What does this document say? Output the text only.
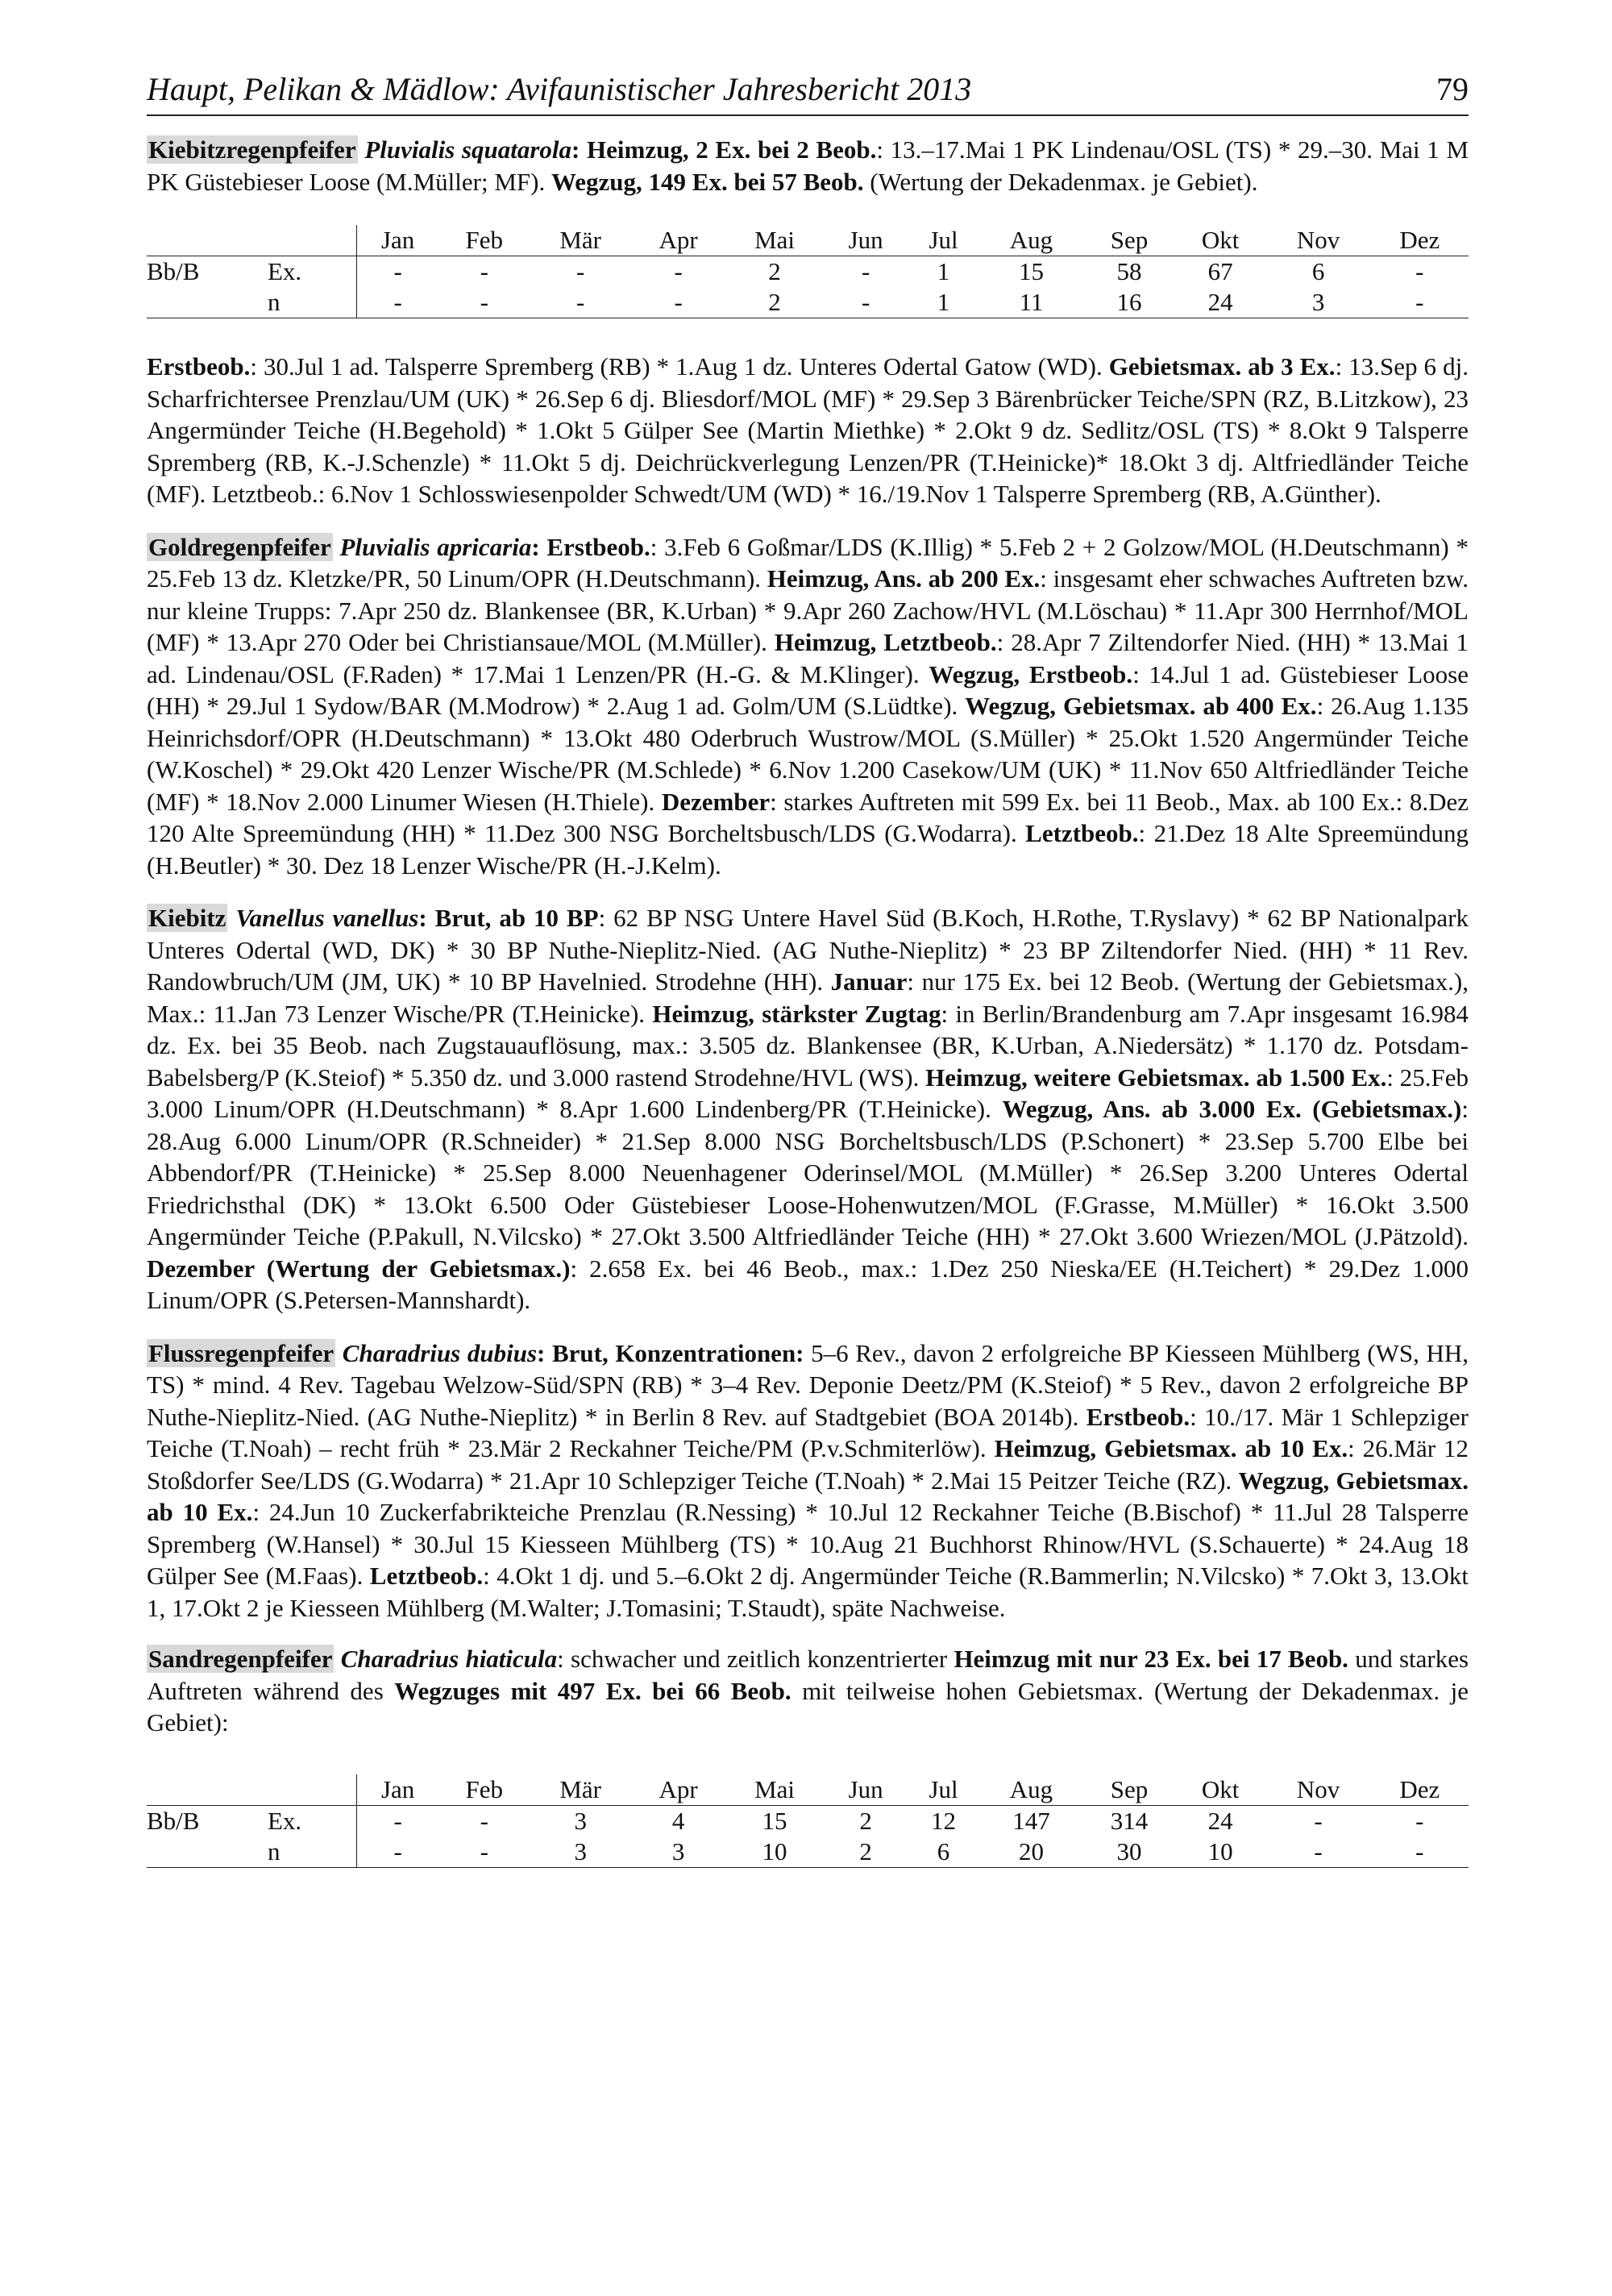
Haupt, Pelikan & Mädlow: Avifaunistischer Jahresbericht 2013	79

Kiebitzregenpfeifer Pluvialis squatarola: Heimzug, 2 Ex. bei 2 Beob.: 13.–17.Mai 1 PK Lindenau/OSL (TS) * 29.–30. Mai 1 M PK Güstebieser Loose (M.Müller; MF). Wegzug, 149 Ex. bei 57 Beob. (Wertung der Dekadenmax. je Gebiet).

		Jan	Feb	Mär	Apr	Mai	Jun	Jul	Aug	Sep	Okt	Nov	Dez
Bb/B	Ex.	-	-	-	-	2	-	1	15	58	67	6	-
	n	-	-	-	-	2	-	1	11	16	24	3	-

Erstbeob.: 30.Jul 1 ad. Talsperre Spremberg (RB) * 1.Aug 1 dz. Unteres Odertal Gatow (WD). Gebietsmax. ab 3 Ex.: 13.Sep 6 dj. Scharfrichtersee Prenzlau/UM (UK) * 26.Sep 6 dj. Bliesdorf/MOL (MF) * 29.Sep 3 Bärenbrücker Teiche/SPN (RZ, B.Litzkow), 23 Angermünder Teiche (H.Begehold) * 1.Okt 5 Gülper See (Martin Miethke) * 2.Okt 9 dz. Sedlitz/OSL (TS) * 8.Okt 9 Talsperre Spremberg (RB, K.-J.Schenzle) * 11.Okt 5 dj. Deichrückverlegung Lenzen/PR (T.Heinicke)* 18.Okt 3 dj. Altfriedländer Teiche (MF). Letztbeob.: 6.Nov 1 Schlosswiesenpolder Schwedt/UM (WD) * 16./19.Nov 1 Talsperre Spremberg (RB, A.Günther).

Goldregenpfeifer Pluvialis apricaria: Erstbeob.: 3.Feb 6 Goßmar/LDS (K.Illig) * 5.Feb 2 + 2 Golzow/MOL (H.Deutschmann) * 25.Feb 13 dz. Kletzke/PR, 50 Linum/OPR (H.Deutschmann). Heimzug, Ans. ab 200 Ex.: insgesamt eher schwaches Auftreten bzw. nur kleine Trupps: 7.Apr 250 dz. Blankensee (BR, K.Urban) * 9.Apr 260 Zachow/HVL (M.Löschau) * 11.Apr 300 Herrnhof/MOL (MF) * 13.Apr 270 Oder bei Christiansaue/MOL (M.Müller). Heimzug, Letztbeob.: 28.Apr 7 Ziltendorfer Nied. (HH) * 13.Mai 1 ad. Lindenau/OSL (F.Raden) * 17.Mai 1 Lenzen/PR (H.-G. & M.Klinger). Wegzug, Erstbeob.: 14.Jul 1 ad. Güstebieser Loose (HH) * 29.Jul 1 Sydow/BAR (M.Modrow) * 2.Aug 1 ad. Golm/UM (S.Lüdtke). Wegzug, Gebietsmax. ab 400 Ex.: 26.Aug 1.135 Heinrichsdorf/OPR (H.Deutschmann) * 13.Okt 480 Oderbruch Wustrow/MOL (S.Müller) * 25.Okt 1.520 Angermünder Teiche (W.Koschel) * 29.Okt 420 Lenzer Wische/PR (M.Schlede) * 6.Nov 1.200 Casekow/UM (UK) * 11.Nov 650 Altfriedländer Teiche (MF) * 18.Nov 2.000 Linumer Wiesen (H.Thiele). Dezember: starkes Auftreten mit 599 Ex. bei 11 Beob., Max. ab 100 Ex.: 8.Dez 120 Alte Spreemündung (HH) * 11.Dez 300 NSG Borcheltsbusch/LDS (G.Wodarra). Letztbeob.: 21.Dez 18 Alte Spreemündung (H.Beutler) * 30. Dez 18 Lenzer Wische/PR (H.-J.Kelm).

Kiebitz Vanellus vanellus: Brut, ab 10 BP: 62 BP NSG Untere Havel Süd (B.Koch, H.Rothe, T.Ryslavy) * 62 BP Nationalpark Unteres Odertal (WD, DK) * 30 BP Nuthe-Nieplitz-Nied. (AG Nuthe-Nieplitz) * 23 BP Ziltendorfer Nied. (HH) * 11 Rev. Randowbruch/UM (JM, UK) * 10 BP Havelnied. Strodehne (HH). Januar: nur 175 Ex. bei 12 Beob. (Wertung der Gebietsmax.), Max.: 11.Jan 73 Lenzer Wische/PR (T.Heinicke). Heimzug, stärkster Zugtag: in Berlin/Brandenburg am 7.Apr insgesamt 16.984 dz. Ex. bei 35 Beob. nach Zugstauauflösung, max.: 3.505 dz. Blankensee (BR, K.Urban, A.Niedersätz) * 1.170 dz. Potsdam-Babelsberg/P (K.Steiof) * 5.350 dz. und 3.000 rastend Strodehne/HVL (WS). Heimzug, weitere Gebietsmax. ab 1.500 Ex.: 25.Feb 3.000 Linum/OPR (H.Deutschmann) * 8.Apr 1.600 Lindenberg/PR (T.Heinicke). Wegzug, Ans. ab 3.000 Ex. (Gebietsmax.): 28.Aug 6.000 Linum/OPR (R.Schneider) * 21.Sep 8.000 NSG Borcheltsbusch/LDS (P.Schonert) * 23.Sep 5.700 Elbe bei Abbendorf/PR (T.Heinicke) * 25.Sep 8.000 Neuenhagener Oderinsel/MOL (M.Müller) * 26.Sep 3.200 Unteres Odertal Friedrichsthal (DK) * 13.Okt 6.500 Oder Güstebieser Loose-Hohenwutzen/MOL (F.Grasse, M.Müller) * 16.Okt 3.500 Angermünder Teiche (P.Pakull, N.Vilcsko) * 27.Okt 3.500 Altfriedländer Teiche (HH) * 27.Okt 3.600 Wriezen/MOL (J.Pätzold). Dezember (Wertung der Gebietsmax.): 2.658 Ex. bei 46 Beob., max.: 1.Dez 250 Nieska/EE (H.Teichert) * 29.Dez 1.000 Linum/OPR (S.Petersen-Mannshardt).

Flussregenpfeifer Charadrius dubius: Brut, Konzentrationen: 5–6 Rev., davon 2 erfolgreiche BP Kiesseen Mühlberg (WS, HH, TS) * mind. 4 Rev. Tagebau Welzow-Süd/SPN (RB) * 3–4 Rev. Deponie Deetz/PM (K.Steiof) * 5 Rev., davon 2 erfolgreiche BP Nuthe-Nieplitz-Nied. (AG Nuthe-Nieplitz) * in Berlin 8 Rev. auf Stadtgebiet (BOA 2014b). Erstbeob.: 10./17. Mär 1 Schlepziger Teiche (T.Noah) – recht früh * 23.Mär 2 Reckahner Teiche/PM (P.v.Schmiterlöw). Heimzug, Gebietsmax. ab 10 Ex.: 26.Mär 12 Stoßdorfer See/LDS (G.Wodarra) * 21.Apr 10 Schlepziger Teiche (T.Noah) * 2.Mai 15 Peitzer Teiche (RZ). Wegzug, Gebietsmax. ab 10 Ex.: 24.Jun 10 Zuckerfabrikteiche Prenzlau (R.Nessing) * 10.Jul 12 Reckahner Teiche (B.Bischof) * 11.Jul 28 Talsperre Spremberg (W.Hansel) * 30.Jul 15 Kiesseen Mühlberg (TS) * 10.Aug 21 Buchhorst Rhinow/HVL (S.Schauerte) * 24.Aug 18 Gülper See (M.Faas). Letztbeob.: 4.Okt 1 dj. und 5.–6.Okt 2 dj. Angermünder Teiche (R.Bammerlin; N.Vilcsko) * 7.Okt 3, 13.Okt 1, 17.Okt 2 je Kiesseen Mühlberg (M.Walter; J.Tomasini; T.Staudt), späte Nachweise.

Sandregenpfeifer Charadrius hiaticula: schwacher und zeitlich konzentrierter Heimzug mit nur 23 Ex. bei 17 Beob. und starkes Auftreten während des Wegzuges mit 497 Ex. bei 66 Beob. mit teilweise hohen Gebietsmax. (Wertung der Dekadenmax. je Gebiet):

		Jan	Feb	Mär	Apr	Mai	Jun	Jul	Aug	Sep	Okt	Nov	Dez
Bb/B	Ex.	-	-	3	4	15	2	12	147	314	24	-	-
	n	-	-	3	3	10	2	6	20	30	10	-	-
